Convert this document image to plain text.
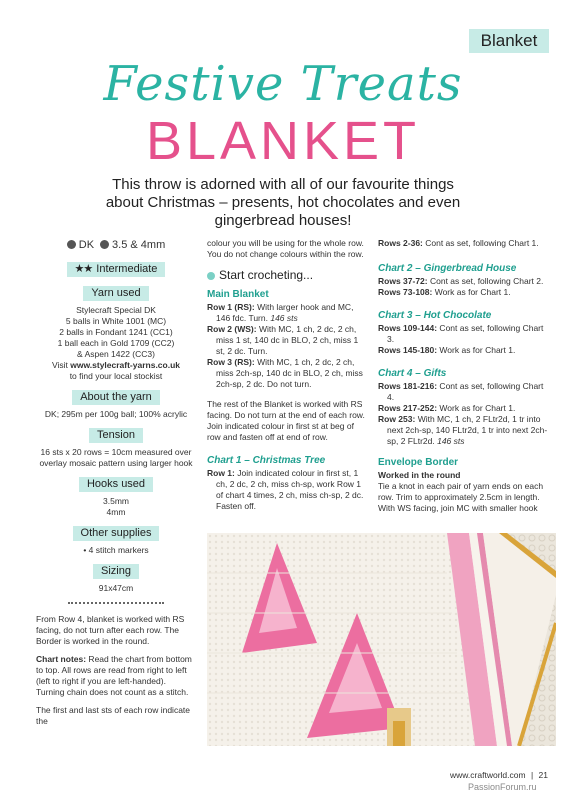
Blanket
Festive Treats
BLANKET
This throw is adorned with all of our favourite things about Christmas – presents, hot chocolates and even gingerbread houses!
DK 3.5 & 4mm
★★ Intermediate
Yarn used
Stylecraft Special DK
5 balls in White 1001 (MC)
2 balls in Fondant 1241 (CC1)
1 ball each in Gold 1709 (CC2)
& Aspen 1422 (CC3)
Visit www.stylecraft-yarns.co.uk
to find your local stockist
About the yarn
DK; 295m per 100g ball; 100% acrylic
Tension
16 sts x 20 rows = 10cm measured over overlay mosaic pattern using larger hook
Hooks used
3.5mm
4mm
Other supplies
• 4 stitch markers
Sizing
91x47cm
From Row 4, blanket is worked with RS facing, do not turn after each row. The Border is worked in the round.
Chart notes: Read the chart from bottom to top. All rows are read from right to left (left to right if you are left-handed). Turning chain does not count as a stitch.
The first and last sts of each row indicate the
colour you will be using for the whole row. You do not change colours within the row.
Start crocheting...
Main Blanket
Row 1 (RS): With larger hook and MC, 146 fdc. Turn. 146 sts
Row 2 (WS): With MC, 1 ch, 2 dc, 2 ch, miss 1 st, 140 dc in BLO, 2 ch, miss 1 st, 2 dc. Turn.
Row 3 (RS): With MC, 1 ch, 2 dc, 2 ch, miss 2ch-sp, 140 dc in BLO, 2 ch, miss 2ch-sp, 2 dc. Do not turn.
The rest of the Blanket is worked with RS facing. Do not turn at the end of each row. Join indicated colour in first st at beg of row and fasten off at end of row.
Chart 1 – Christmas Tree
Row 1: Join indicated colour in first st, 1 ch, 2 dc, 2 ch, miss ch-sp, work Row 1 of chart 4 times, 2 ch, miss ch-sp, 2 dc. Fasten off.
Rows 2-36: Cont as set, following Chart 1.
Chart 2 – Gingerbread House
Rows 37-72: Cont as set, following Chart 2.
Rows 73-108: Work as for Chart 1.
Chart 3 – Hot Chocolate
Rows 109-144: Cont as set, following Chart 3.
Rows 145-180: Work as for Chart 1.
Chart 4 – Gifts
Rows 181-216: Cont as set, following Chart 4.
Rows 217-252: Work as for Chart 1.
Row 253: With MC, 1 ch, 2 FLtr2d, 1 tr into next 2ch-sp, 140 FLtr2d, 1 tr into next 2ch-sp, 2 FLtr2d. 146 sts
Envelope Border
Worked in the round
Tie a knot in each pair of yarn ends on each row. Trim to approximately 2.5cm in length.
With WS facing, join MC with smaller hook
www.craftworld.com | 21
PassionForum.ru
